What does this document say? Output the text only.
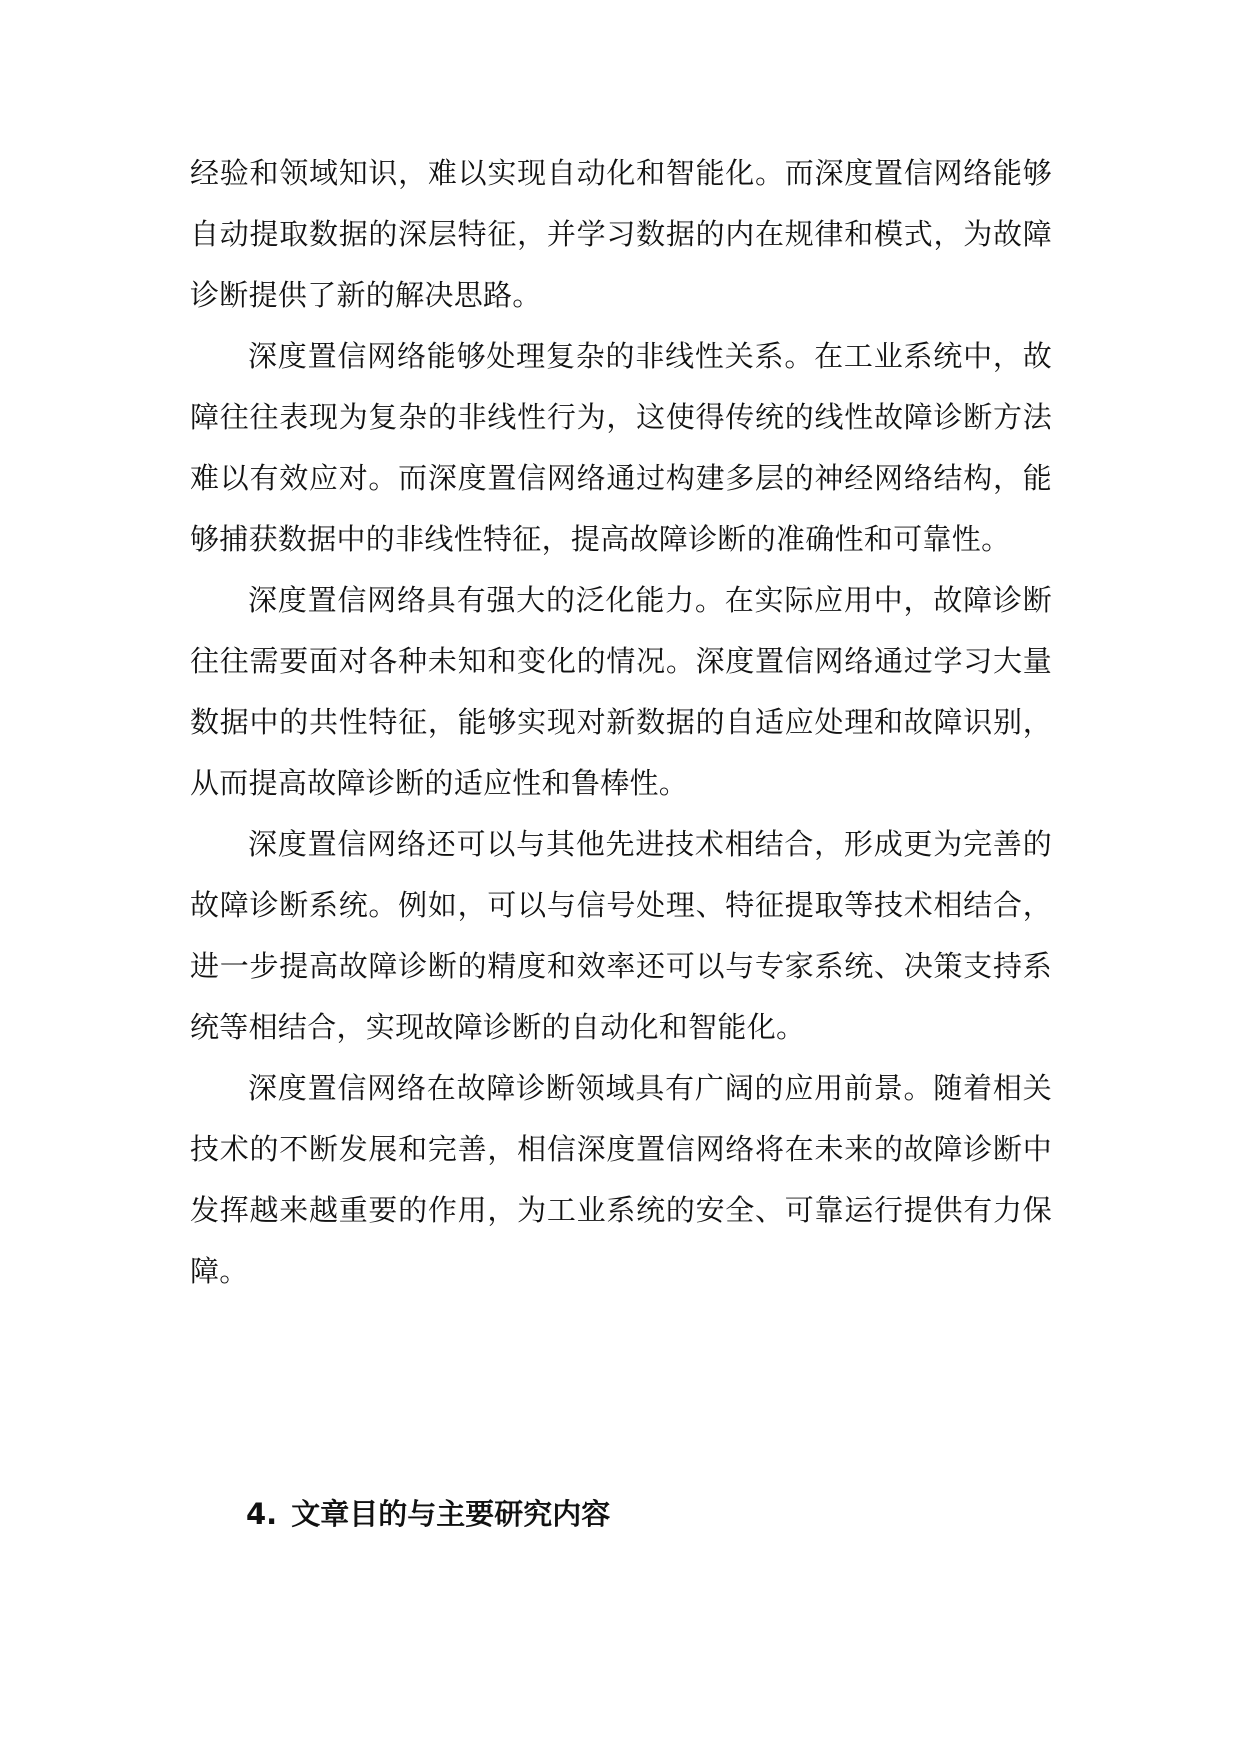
经验和领域知识，难以实现自动化和智能化。而深度置信网络能够自动提取数据的深层特征，并学习数据的内在规律和模式，为故障诊断提供了新的解决思路。

深度置信网络能够处理复杂的非线性关系。在工业系统中，故障往往表现为复杂的非线性行为，这使得传统的线性故障诊断方法难以有效应对。而深度置信网络通过构建多层的神经网络结构，能够捕获数据中的非线性特征，提高故障诊断的准确性和可靠性。

深度置信网络具有强大的泛化能力。在实际应用中，故障诊断往往需要面对各种未知和变化的情况。深度置信网络通过学习大量数据中的共性特征，能够实现对新数据的自适应处理和故障识别，从而提高故障诊断的适应性和鲁棒性。

深度置信网络还可以与其他先进技术相结合，形成更为完善的故障诊断系统。例如，可以与信号处理、特征提取等技术相结合，进一步提高故障诊断的精度和效率还可以与专家系统、决策支持系统等相结合，实现故障诊断的自动化和智能化。

深度置信网络在故障诊断领域具有广阔的应用前景。随着相关技术的不断发展和完善，相信深度置信网络将在未来的故障诊断中发挥越来越重要的作用，为工业系统的安全、可靠运行提供有力保障。

4. 文章目的与主要研究内容
